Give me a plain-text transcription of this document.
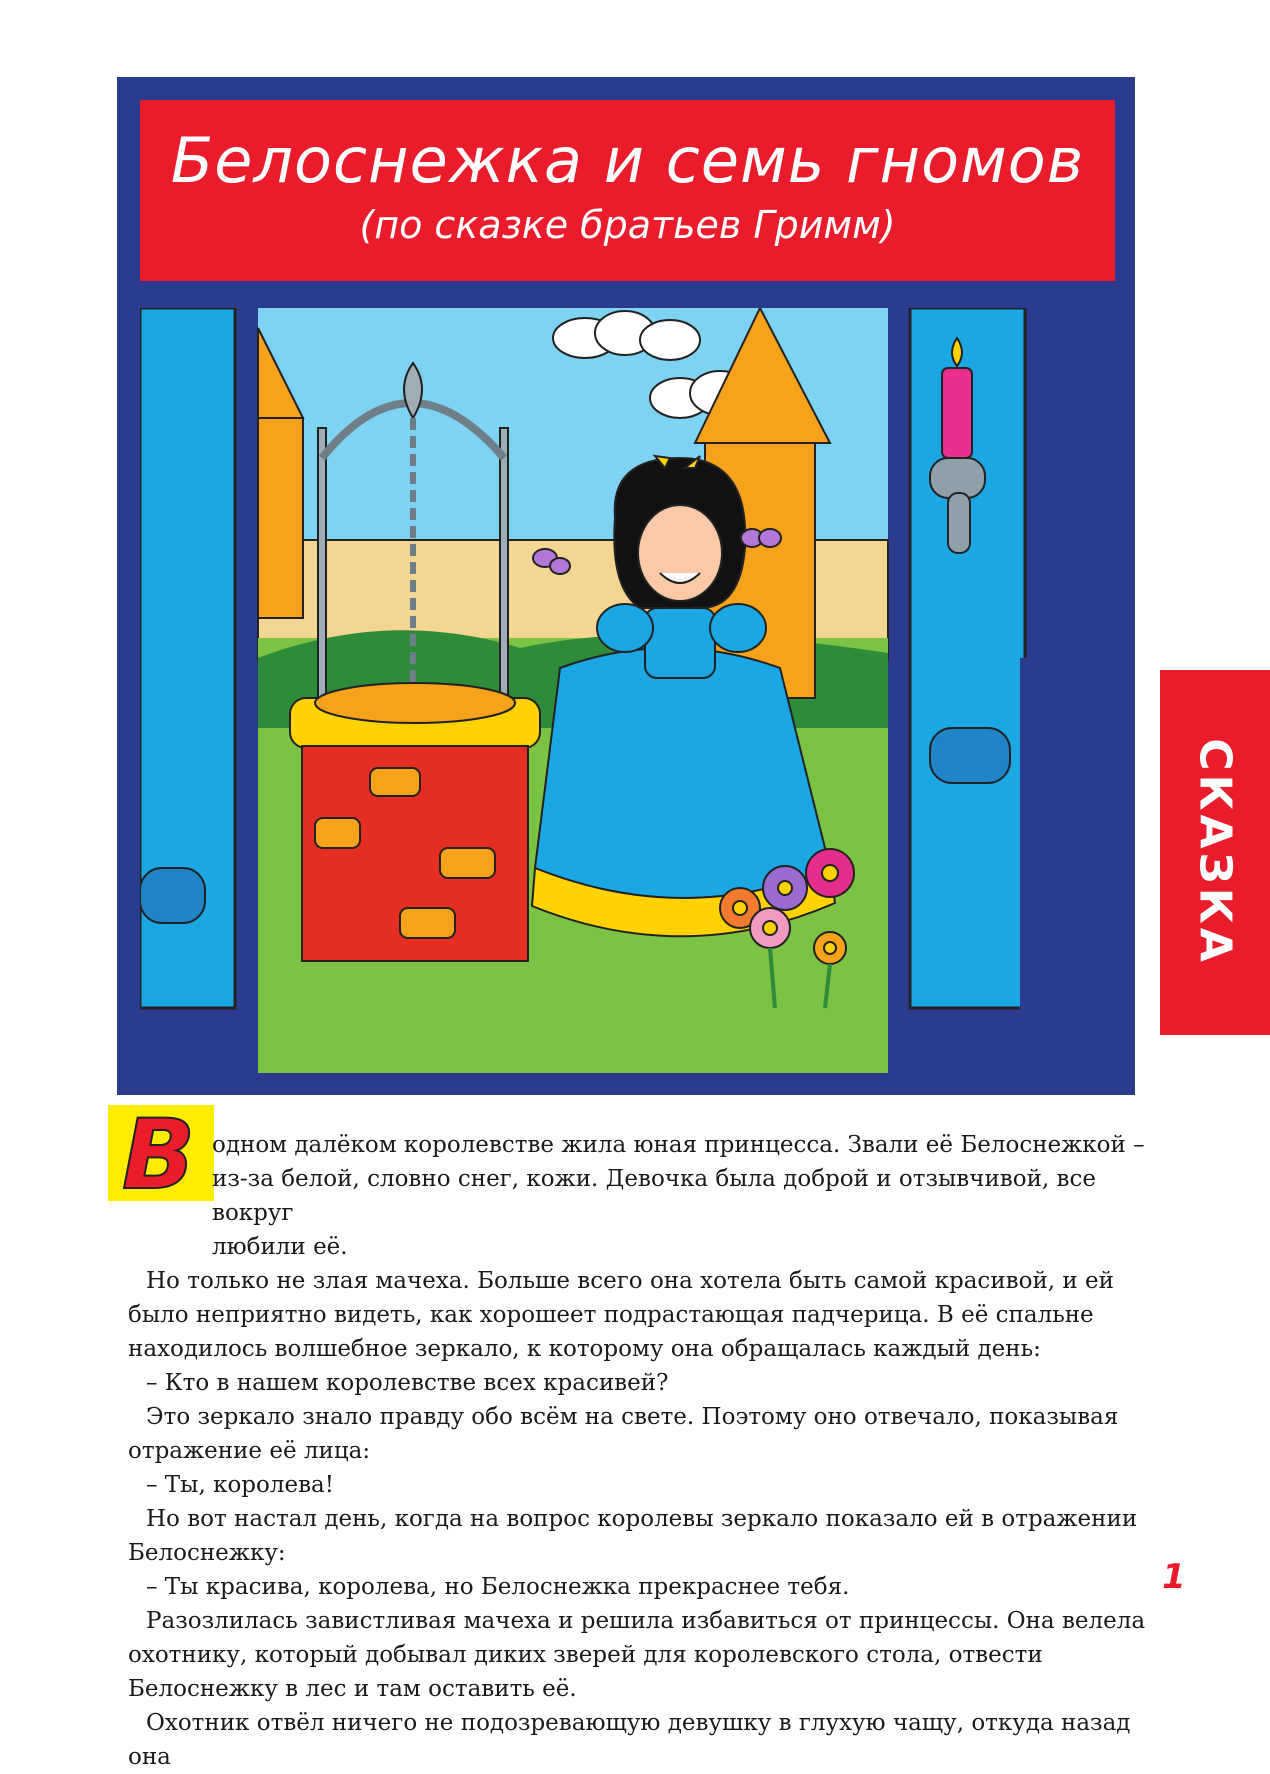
Белоснежка и семь гномов
(по сказке братьев Гримм)
СКАЗКА
В одном далёком королевстве жила юная принцесса. Звали её Белоснежкой –

из-за белой, словно снег, кожи. Девочка была доброй и отзывчивой, все вокруг

любили её.

Но только не злая мачеха. Больше всего она хотела быть самой красивой, и ей было неприятно видеть, как хорошеет подрастающая падчерица. В её спальне находилось волшебное зеркало, к которому она обращалась каждый день:

– Кто в нашем королевстве всех красивей?

Это зеркало знало правду обо всём на свете. Поэтому оно отвечало, показывая отражение её лица:

– Ты, королева!

Но вот настал день, когда на вопрос королевы зеркало показало ей в отражении Белоснежку:

– Ты красива, королева, но Белоснежка прекраснее тебя.

Разозлилась завистливая мачеха и решила избавиться от принцессы. Она велела охотнику, который добывал диких зверей для королевского стола, отвести Белоснежку в лес и там оставить её.

Охотник отвёл ничего не подозревающую девушку в глухую чащу, откуда назад она

1
